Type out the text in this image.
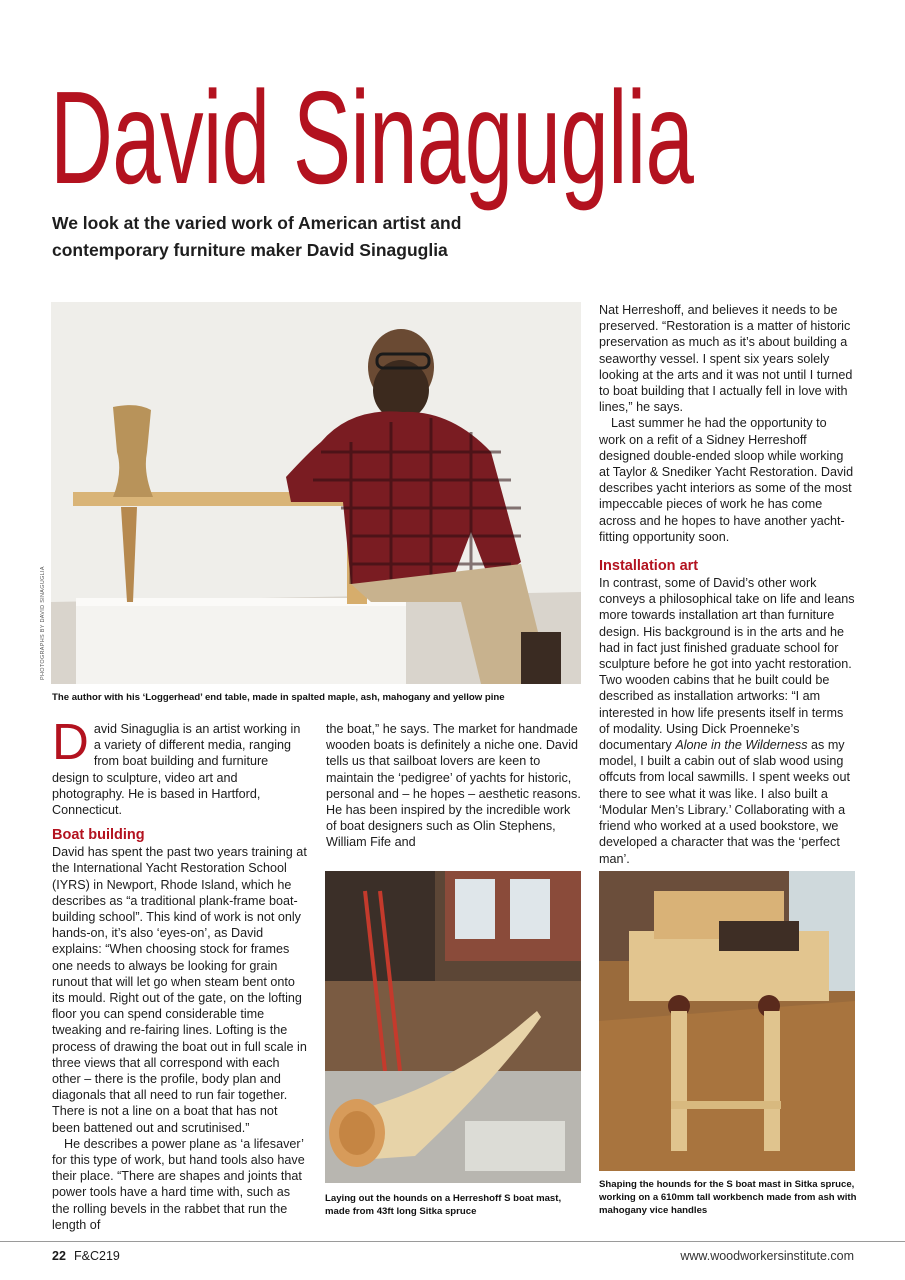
David Sinaguglia

We look at the varied work of American artist and contemporary furniture maker David Sinaguglia

PHOTOGRAPHS BY DAVID SINAGUGLIA
The author with his ‘Loggerhead’ end table, made in spalted maple, ash, mahogany and yellow pine

David Sinaguglia is an artist working in a variety of different media, ranging from boat building and furniture design to sculpture, video art and photography. He is based in Hartford, Connecticut.

Boat building

David has spent the past two years training at the International Yacht Restoration School (IYRS) in Newport, Rhode Island, which he describes as “a traditional plank-frame boat-building school”. This kind of work is not only hands-on, it’s also ‘eyes-on’, as David explains: “When choosing stock for frames one needs to always be looking for grain runout that will let go when steam bent onto its mould. Right out of the gate, on the lofting floor you can spend considerable time tweaking and re-fairing lines. Lofting is the process of drawing the boat out in full scale in three views that all correspond with each other – there is the profile, body plan and diagonals that all need to run fair together. There is not a line on a boat that has not been battened out and scrutinised.”

He describes a power plane as ‘a lifesaver’ for this type of work, but hand tools also have their place. “There are shapes and joints that power tools have a hard time with, such as the rolling bevels in the rabbet that run the length of

the boat,” he says. The market for handmade wooden boats is definitely a niche one. David tells us that sailboat lovers are keen to maintain the ‘pedigree’ of yachts for historic, personal and – he hopes – aesthetic reasons. He has been inspired by the incredible work of boat designers such as Olin Stephens, William Fife and

Nat Herreshoff, and believes it needs to be preserved. “Restoration is a matter of historic preservation as much as it’s about building a seaworthy vessel. I spent six years solely looking at the arts and it was not until I turned to boat building that I actually fell in love with lines,” he says.

Last summer he had the opportunity to work on a refit of a Sidney Herreshoff designed double-ended sloop while working at Taylor & Snediker Yacht Restoration. David describes yacht interiors as some of the most impeccable pieces of work he has come across and he hopes to have another yacht-fitting opportunity soon.

Installation art

In contrast, some of David’s other work conveys a philosophical take on life and leans more towards installation art than furniture design. His background is in the arts and he had in fact just finished graduate school for sculpture before he got into yacht restoration. Two wooden cabins that he built could be described as installation artworks: “I am interested in how life presents itself in terms of modality. Using Dick Proenneke’s documentary Alone in the Wilderness as my model, I built a cabin out of slab wood using offcuts from local sawmills. I spent weeks out there to see what it was like. I also built a ‘Modular Men’s Library.’ Collaborating with a friend who worked at a used bookstore, we developed a character that was the ‘perfect man’.

Laying out the hounds on a Herreshoff S boat mast, made from 43ft long Sitka spruce
Shaping the hounds for the S boat mast in Sitka spruce, working on a 610mm tall workbench made from ash with mahogany vice handles
22 F&C219	www.woodworkersinstitute.com
